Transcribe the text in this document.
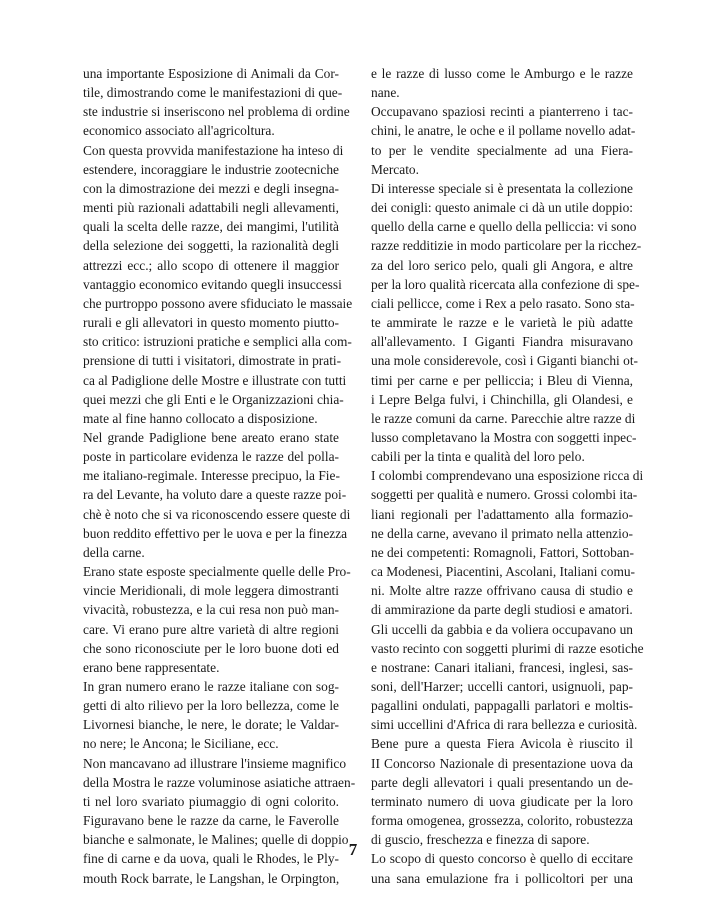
una importante Esposizione di Animali da Cor-
tile, dimostrando come le manifestazioni di que-
ste industrie si inseriscono nel problema di ordine
economico associato all'agricoltura.
Con questa provvida manifestazione ha inteso di
estendere, incoraggiare le industrie zootecniche
con la dimostrazione dei mezzi e degli insegna-
menti più razionali adattabili negli allevamenti,
quali la scelta delle razze, dei mangimi, l'utilità
della selezione dei soggetti, la razionalità degli
attrezzi ecc.; allo scopo di ottenere il maggior
vantaggio economico evitando quegli insuccessi
che purtroppo possono avere sfiduciato le massaie
rurali e gli allevatori in questo momento piutto-
sto critico: istruzioni pratiche e semplici alla com-
prensione di tutti i visitatori, dimostrate in prati-
ca al Padiglione delle Mostre e illustrate con tutti
quei mezzi che gli Enti e le Organizzazioni chia-
mate al fine hanno collocato a disposizione.
Nel grande Padiglione bene areato erano state
poste in particolare evidenza le razze del polla-
me italiano-regimale. Interesse precipuo, la Fie-
ra del Levante, ha voluto dare a queste razze poi-
chè è noto che si va riconoscendo essere queste di
buon reddito effettivo per le uova e per la finezza
della carne.
Erano state esposte specialmente quelle delle Pro-
vincie Meridionali, di mole leggera dimostranti
vivacità, robustezza, e la cui resa non può man-
care. Vi erano pure altre varietà di altre regioni
che sono riconosciute per le loro buone doti ed
erano bene rappresentate.
In gran numero erano le razze italiane con sog-
getti di alto rilievo per la loro bellezza, come le
Livornesi bianche, le nere, le dorate; le Valdar-
no nere; le Ancona; le Siciliane, ecc.
Non mancavano ad illustrare l'insieme magnifico
della Mostra le razze voluminose asiatiche attraen-
ti nel loro svariato piumaggio di ogni colorito.
Figuravano bene le razze da carne, le Faverolle
bianche e salmonate, le Malines; quelle di doppio
fine di carne e da uova, quali le Rhodes, le Ply-
mouth Rock barrate, le Langshan, le Orpington,
e le razze di lusso come le Amburgo e le razze
nane.
Occupavano spaziosi recinti a pianterreno i tac-
chini, le anatre, le oche e il pollame novello adat-
to per le vendite specialmente ad una Fiera-
Mercato.
Di interesse speciale si è presentata la collezione
dei conigli: questo animale ci dà un utile doppio:
quello della carne e quello della pelliccia: vi sono
razze redditizie in modo particolare per la ricchez-
za del loro serico pelo, quali gli Angora, e altre
per la loro qualità ricercata alla confezione di spe-
ciali pellicce, come i Rex a pelo rasato. Sono sta-
te ammirate le razze e le varietà le più adatte
all'allevamento. I Giganti Fiandra misuravano
una mole considerevole, così i Giganti bianchi ot-
timi per carne e per pelliccia; i Bleu di Vienna,
i Lepre Belga fulvi, i Chinchilla, gli Olandesi, e
le razze comuni da carne. Parecchie altre razze di
lusso completavano la Mostra con soggetti inpec-
cabili per la tinta e qualità del loro pelo.
I colombi comprendevano una esposizione ricca di
soggetti per qualità e numero. Grossi colombi ita-
liani regionali per l'adattamento alla formazio-
ne della carne, avevano il primato nella attenzio-
ne dei competenti: Romagnoli, Fattori, Sottoban-
ca Modenesi, Piacentini, Ascolani, Italiani comu-
ni. Molte altre razze offrivano causa di studio e
di ammirazione da parte degli studiosi e amatori.
Gli uccelli da gabbia e da voliera occupavano un
vasto recinto con soggetti plurimi di razze esotiche
e nostrane: Canari italiani, francesi, inglesi, sas-
soni, dell'Harzer; uccelli cantori, usignuoli, pap-
pagallini ondulati, pappagalli parlatori e moltis-
simi uccellini d'Africa di rara bellezza e curiosità.
Bene pure a questa Fiera Avicola è riuscito il
II Concorso Nazionale di presentazione uova da
parte degli allevatori i quali presentando un de-
terminato numero di uova giudicate per la loro
forma omogenea, grossezza, colorito, robustezza
di guscio, freschezza e finezza di sapore.
Lo scopo di questo concorso è quello di eccitare
una sana emulazione fra i pollicoltori per una
7
